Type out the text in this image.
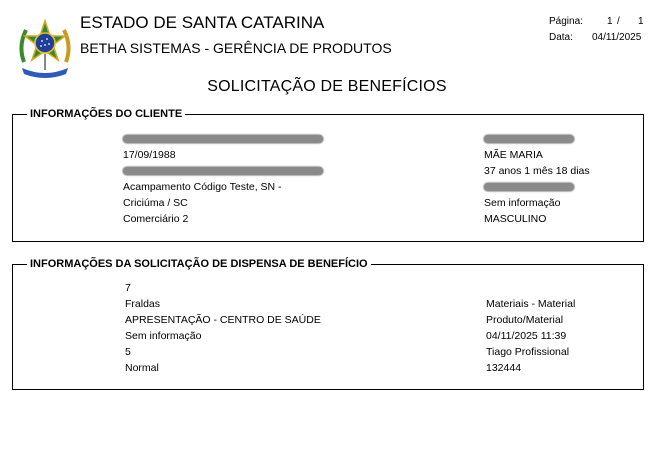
ESTADO DE SANTA CATARINA
BETHA SISTEMAS - GERÊNCIA DE PRODUTOS
Página: 1 / 1
Data: 04/11/2025
SOLICITAÇÃO DE BENEFÍCIOS
INFORMAÇÕES DO CLIENTE
17/09/1988
Acampamento Código Teste, SN -
Criciúma / SC
Comerciário 2
MÃE MARIA
37 anos 1 mês 18 dias
Sem informação
MASCULINO
INFORMAÇÕES DA SOLICITAÇÃO DE DISPENSA DE BENEFÍCIO
7
Fraldas
APRESENTAÇÃO - CENTRO DE SAÚDE
Sem informação
5
Normal
Materiais - Material
Produto/Material
04/11/2025 11:39
Tiago Profissional
132444
